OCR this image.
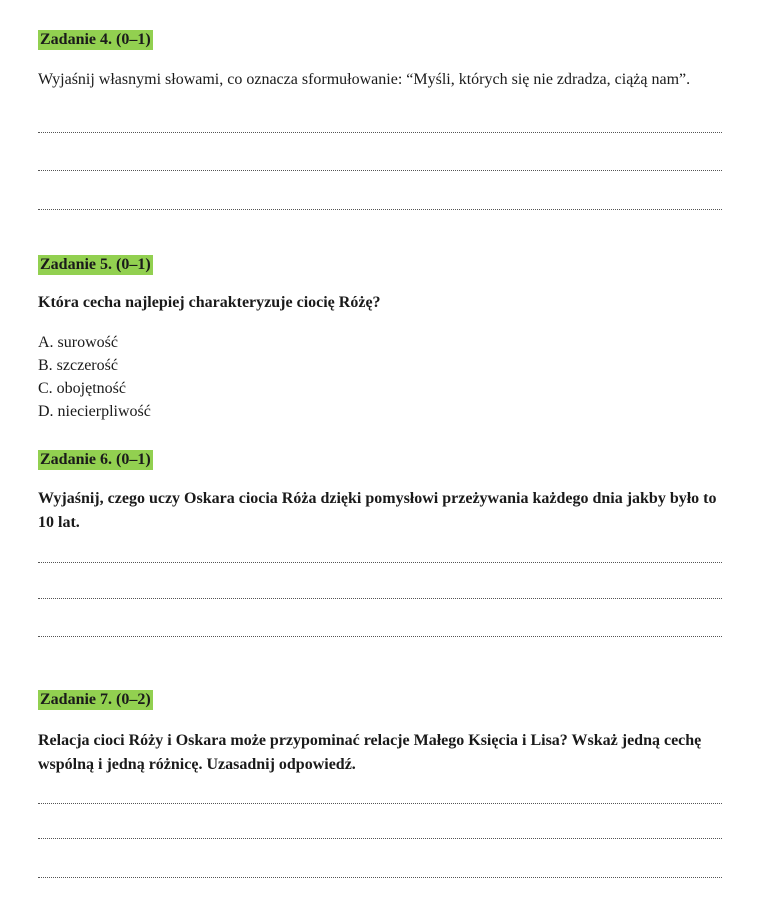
Zadanie 4. (0–1)
Wyjaśnij własnymi słowami, co oznacza sformułowanie: “Myśli, których się nie zdradza, ciążą nam”.
Zadanie 5. (0–1)
Która cecha najlepiej charakteryzuje ciocię Różę?
A. surowość
B. szczerość
C. obojętność
D. niecierpliwość
Zadanie 6. (0–1)
Wyjaśnij, czego uczy Oskara ciocia Róża dzięki pomysłowi przeżywania każdego dnia jakby było to 10 lat.
Zadanie 7. (0–2)
Relacja cioci Róży i Oskara może przypominać relacje Małego Księcia i Lisa? Wskaż jedną cechę wspólną i jedną różnicę. Uzasadnij odpowiedź.
